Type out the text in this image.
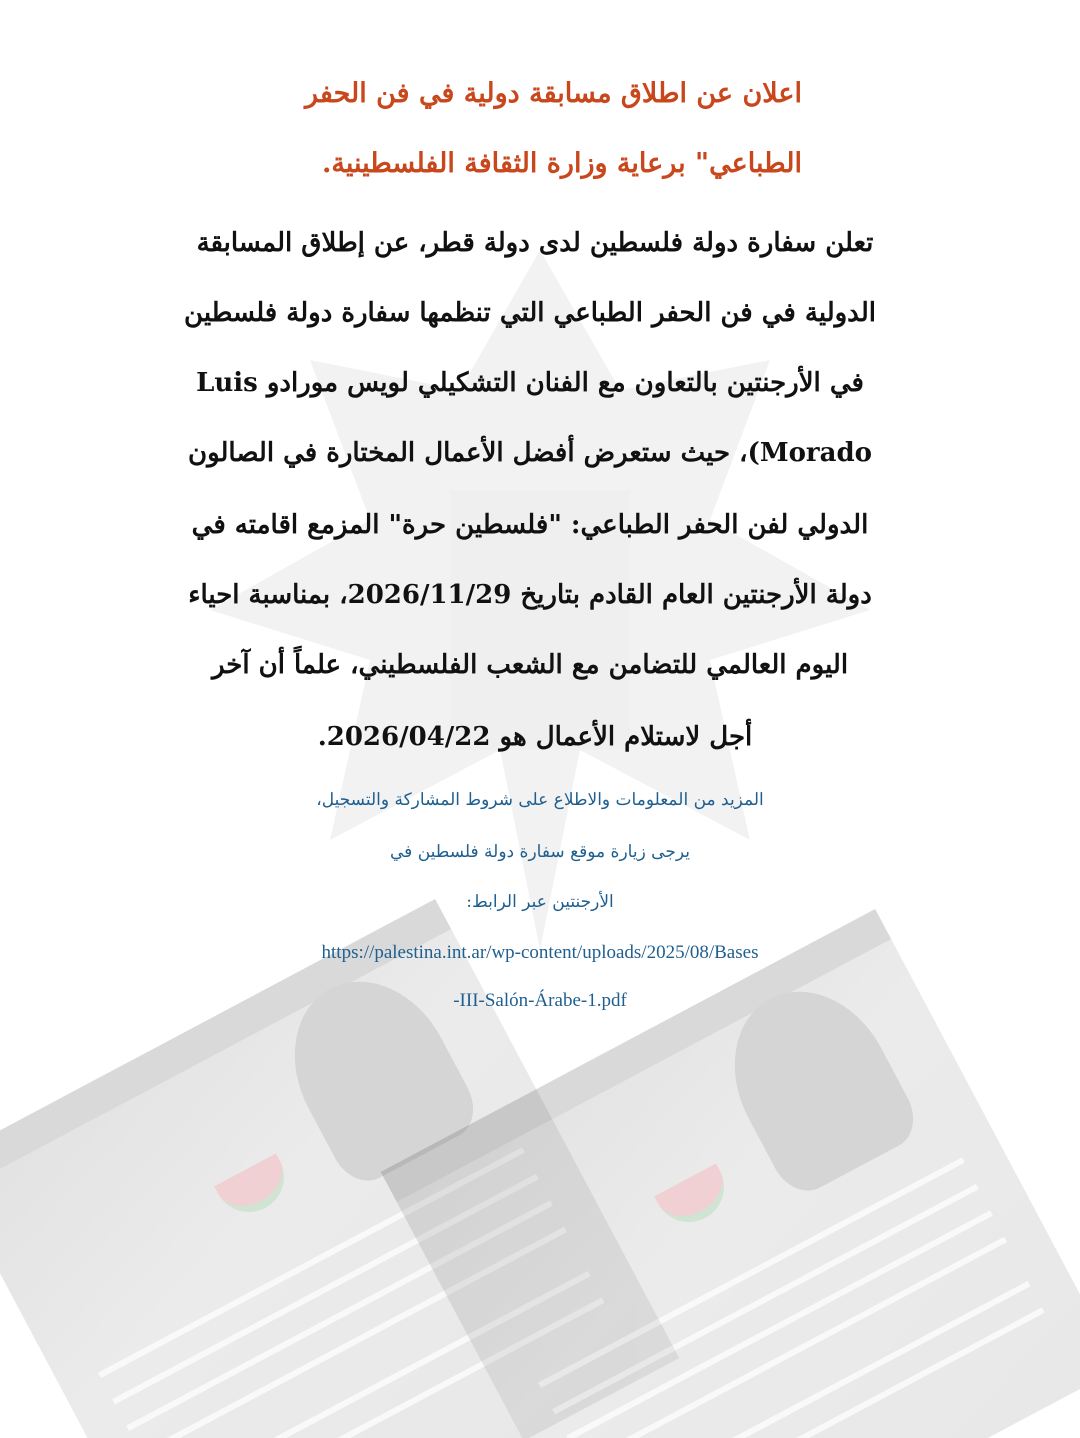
اعلان عن اطلاق مسابقة دولية في فن الحفر
الطباعي" برعاية وزارة الثقافة الفلسطينية.
تعلن سفارة دولة فلسطين لدى دولة قطر، عن إطلاق المسابقة
الدولية في فن الحفر الطباعي التي تنظمها سفارة دولة فلسطين
في الأرجنتين بالتعاون مع الفنان التشكيلي لويس مورادو Luis
Morado)، حيث ستعرض أفضل الأعمال المختارة في الصالون
الدولي لفن الحفر الطباعي: "فلسطين حرة" المزمع اقامته في
دولة الأرجنتين العام القادم بتاريخ 2026/11/29، بمناسبة احياء
اليوم العالمي للتضامن مع الشعب الفلسطيني، علماً أن آخر
أجل لاستلام الأعمال هو 2026/04/22.
المزيد من المعلومات والاطلاع على شروط المشاركة والتسجيل،
يرجى زيارة موقع سفارة دولة فلسطين في
الأرجنتين عبر الرابط:
https://palestina.int.ar/wp-content/uploads/2025/08/Bases
-III-Salón-Árabe-1.pdf
